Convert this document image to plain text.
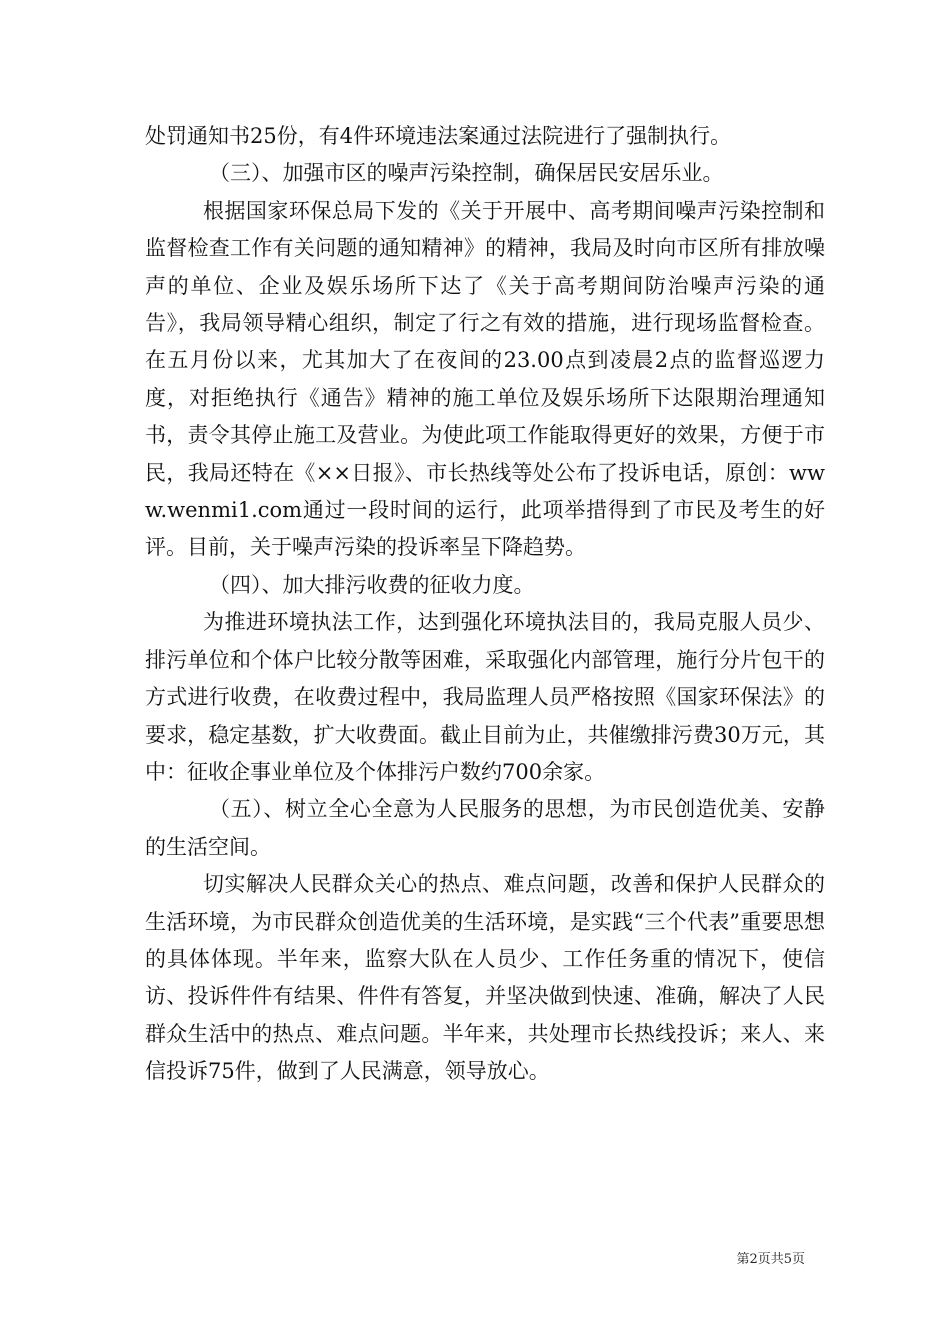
处罚通知书25份，有4件环境违法案通过法院进行了强制执行。

（三）、加强市区的噪声污染控制，确保居民安居乐业。

根据国家环保总局下发的《关于开展中、高考期间噪声污染控制和监督检查工作有关问题的通知精神》的精神，我局及时向市区所有排放噪声的单位、企业及娱乐场所下达了《关于高考期间防治噪声污染的通告》，我局领导精心组织，制定了行之有效的措施，进行现场监督检查。在五月份以来，尤其加大了在夜间的23.00点到凌晨2点的监督巡逻力度，对拒绝执行《通告》精神的施工单位及娱乐场所下达限期治理通知书，责令其停止施工及营业。为使此项工作能取得更好的效果，方便于市民，我局还特在《××日报》、市长热线等处公布了投诉电话，原创：www.wenmi1.com通过一段时间的运行，此项举措得到了市民及考生的好评。目前，关于噪声污染的投诉率呈下降趋势。

（四）、加大排污收费的征收力度。

为推进环境执法工作，达到强化环境执法目的，我局克服人员少、排污单位和个体户比较分散等困难，采取强化内部管理，施行分片包干的方式进行收费，在收费过程中，我局监理人员严格按照《国家环保法》的要求，稳定基数，扩大收费面。截止目前为止，共催缴排污费30万元，其中：征收企事业单位及个体排污户数约700余家。

（五）、树立全心全意为人民服务的思想，为市民创造优美、安静的生活空间。

切实解决人民群众关心的热点、难点问题，改善和保护人民群众的生活环境，为市民群众创造优美的生活环境，是实践“三个代表”重要思想的具体体现。半年来，监察大队在人员少、工作任务重的情况下，使信访、投诉件件有结果、件件有答复，并坚决做到快速、准确，解决了人民群众生活中的热点、难点问题。半年来，共处理市长热线投诉；来人、来信投诉75件，做到了人民满意，领导放心。

第2页共5页
